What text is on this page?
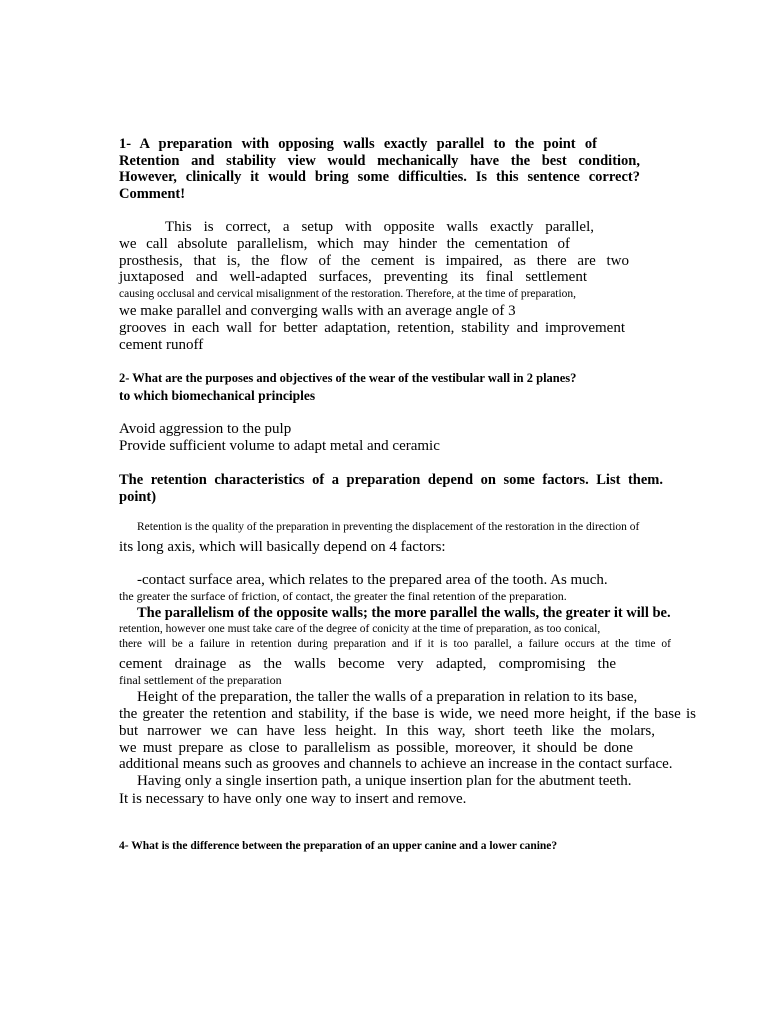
1- A preparation with opposing walls exactly parallel to the point of
Retention and stability view would mechanically have the best condition,
However, clinically it would bring some difficulties. Is this sentence correct?
Comment!
This is correct, a setup with opposite walls exactly parallel,
we call absolute parallelism, which may hinder the cementation of
prosthesis, that is, the flow of the cement is impaired, as there are two
juxtaposed and well-adapted surfaces, preventing its final settlement
causing occlusal and cervical misalignment of the restoration. Therefore, at the time of preparation,
we make parallel and converging walls with an average angle of 3
grooves in each wall for better adaptation, retention, stability and improvement
cement runoff
2- What are the purposes and objectives of the wear of the vestibular wall in 2 planes?
to which biomechanical principles
Avoid aggression to the pulp
Provide sufficient volume to adapt metal and ceramic
The retention characteristics of a preparation depend on some factors. List them.
point)
Retention is the quality of the preparation in preventing the displacement of the restoration in the direction of
its long axis, which will basically depend on 4 factors:
-contact surface area, which relates to the prepared area of the tooth. As much.
the greater the surface of friction, of contact, the greater the final retention of the preparation.
The parallelism of the opposite walls; the more parallel the walls, the greater it will be.
retention, however one must take care of the degree of conicity at the time of preparation, as too conical,
there will be a failure in retention during preparation and if it is too parallel, a failure occurs at the time of
cement drainage as the walls become very adapted, compromising the
final settlement of the preparation
Height of the preparation, the taller the walls of a preparation in relation to its base,
the greater the retention and stability, if the base is wide, we need more height, if the base is
but narrower we can have less height. In this way, short teeth like the molars,
we must prepare as close to parallelism as possible, moreover, it should be done
additional means such as grooves and channels to achieve an increase in the contact surface.
Having only a single insertion path, a unique insertion plan for the abutment teeth.
It is necessary to have only one way to insert and remove.
4- What is the difference between the preparation of an upper canine and a lower canine?
